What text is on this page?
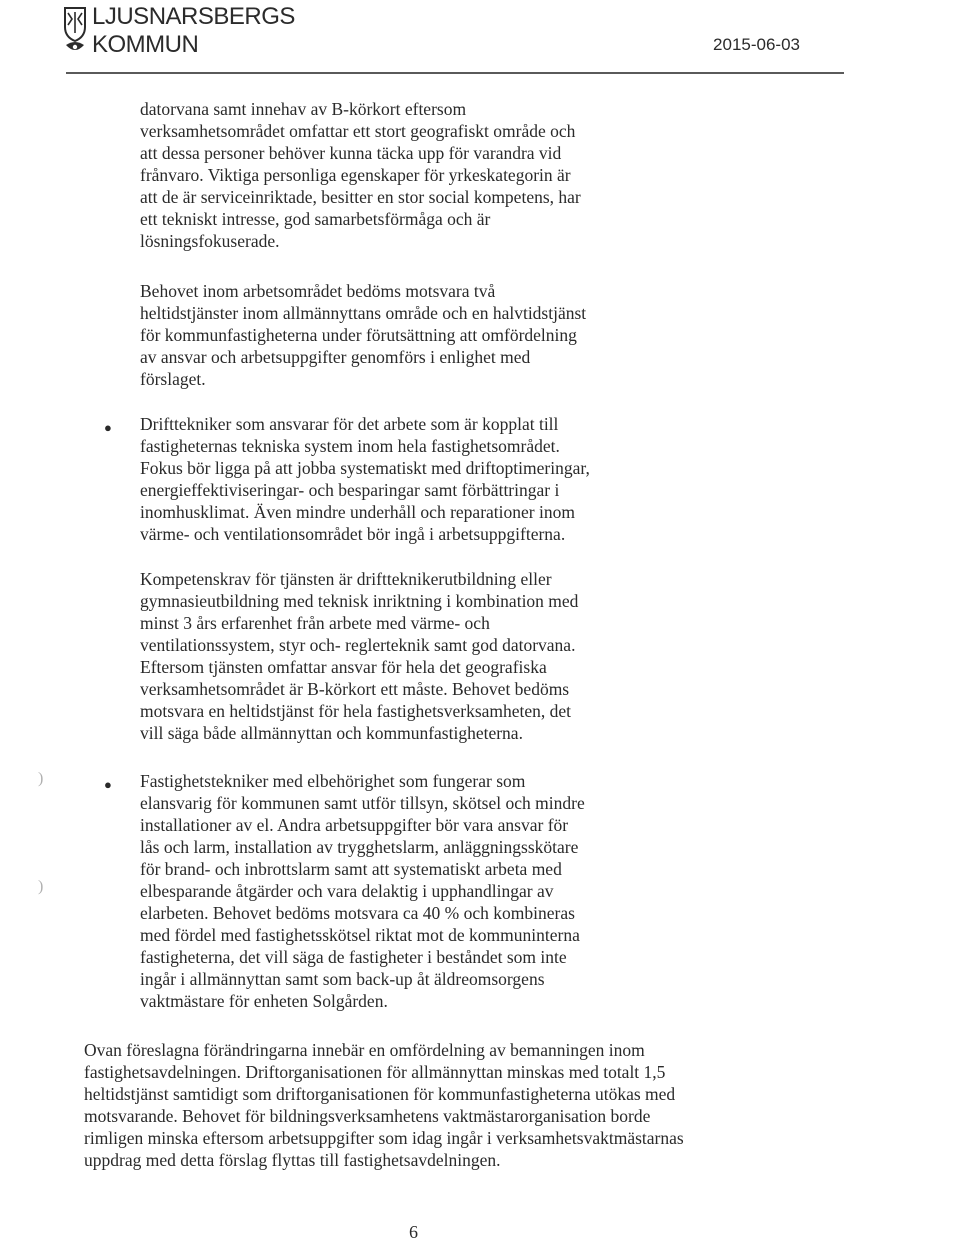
LJUSNARSBERGS
KOMMUN	2015-06-03

datorvana samt innehav av B-körkort eftersom
verksamhetsområdet omfattar ett stort geografiskt område och
att dessa personer behöver kunna täcka upp för varandra vid
frånvaro. Viktiga personliga egenskaper för yrkeskategorin är
att de är serviceinriktade, besitter en stor social kompetens, har
ett tekniskt intresse, god samarbetsförmåga och är
lösningsfokuserade.

Behovet inom arbetsområdet bedöms motsvara två
heltidstjänster inom allmännyttans område och en halvtidstjänst
för kommunfastigheterna under förutsättning att omfördelning
av ansvar och arbetsuppgifter genomförs i enlighet med
förslaget.

● Drifttekniker som ansvarar för det arbete som är kopplat till
fastigheternas tekniska system inom hela fastighetsområdet.
Fokus bör ligga på att jobba systematiskt med driftoptimeringar,
energieffektiviseringar- och besparingar samt förbättringar i
inomhusklimat. Även mindre underhåll och reparationer inom
värme- och ventilationsområdet bör ingå i arbetsuppgifterna.

Kompetenskrav för tjänsten är driftteknikerutbildning eller
gymnasieutbildning med teknisk inriktning i kombination med
minst 3 års erfarenhet från arbete med värme- och
ventilationssystem, styr och- reglerteknik samt god datorvana.
Eftersom tjänsten omfattar ansvar för hela det geografiska
verksamhetsområdet är B-körkort ett måste. Behovet bedöms
motsvara en heltidstjänst för hela fastighetsverksamheten, det
vill säga både allmännyttan och kommunfastigheterna.

● Fastighetstekniker med elbehörighet som fungerar som
elansvarig för kommunen samt utför tillsyn, skötsel och mindre
installationer av el. Andra arbetsuppgifter bör vara ansvar för
lås och larm, installation av trygghetslarm, anläggningsskötare
för brand- och inbrottslarm samt att systematiskt arbeta med
elbesparande åtgärder och vara delaktig i upphandlingar av
elarbeten. Behovet bedöms motsvara ca 40 % och kombineras
med fördel med fastighetsskötsel riktat mot de kommuninterna
fastigheterna, det vill säga de fastigheter i beståndet som inte
ingår i allmännyttan samt som back-up åt äldreomsorgens
vaktmästare för enheten Solgården.

Ovan föreslagna förändringarna innebär en omfördelning av bemanningen inom
fastighetsavdelningen. Driftorganisationen för allmännyttan minskas med totalt 1,5
heltidstjänst samtidigt som driftorganisationen för kommunfastigheterna utökas med
motsvarande. Behovet för bildningsverksamhetens vaktmästarorganisation borde
rimligen minska eftersom arbetsuppgifter som idag ingår i verksamhetsvaktmästarnas
uppdrag med detta förslag flyttas till fastighetsavdelningen.

)
)
6
